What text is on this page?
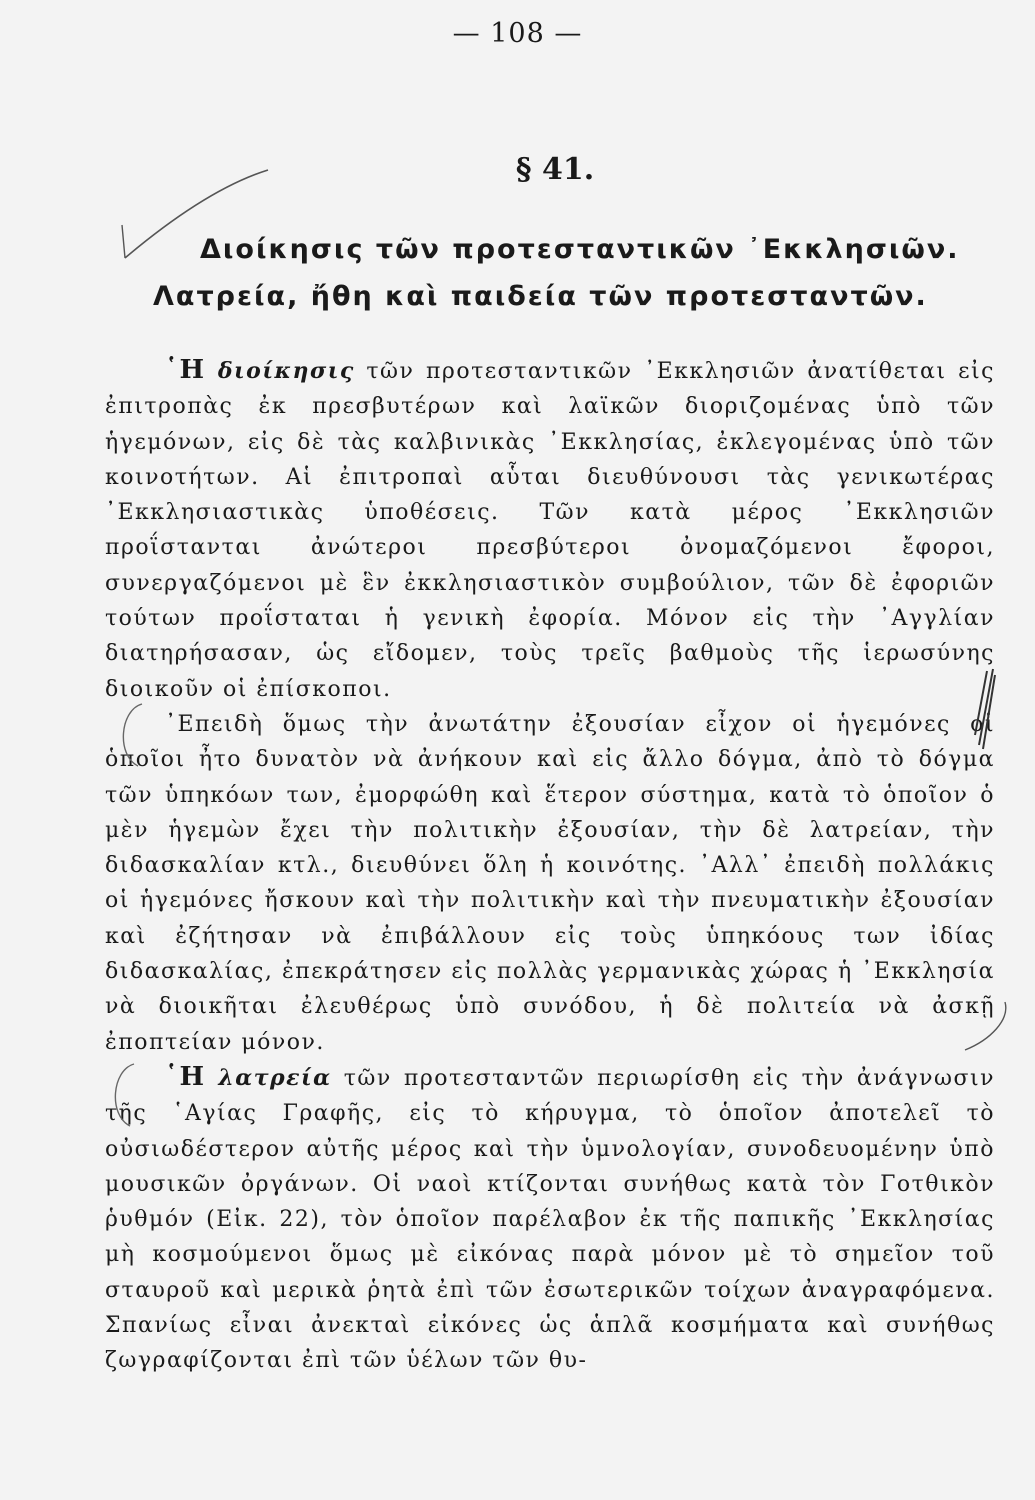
— 108 —
§ 41.
Διοίκησις τῶν προτεσταντικῶν ᾿Εκκλησιῶν.
Λατρεία, ἤθη καὶ παιδεία τῶν προτεσταντῶν.

῾Η διοίκησις τῶν προτεσταντικῶν ᾿Εκκλησιῶν ἀνατίθεται εἰς ἐπιτροπὰς ἐκ πρεσβυτέρων καὶ λαϊκῶν διοριζομένας ὑπὸ τῶν ἡγεμόνων, εἰς δὲ τὰς καλβινικὰς ᾿Εκκλησίας, ἐκλεγομένας ὑπὸ τῶν κοινοτήτων. Αἱ ἐπιτροπαὶ αὗται διευθύνουσι τὰς γενικωτέρας ᾿Εκκλησιαστικὰς ὑποθέσεις. Τῶν κατὰ μέρος ᾿Εκκλησιῶν προΐστανται ἀνώτεροι πρεσβύτεροι ὀνομαζόμενοι ἔφοροι, συνεργαζόμενοι μὲ ἓν ἐκκλησιαστικὸν συμβούλιον, τῶν δὲ ἐφοριῶν τούτων προΐσταται ἡ γενικὴ ἐφορία. Μόνον εἰς τὴν ᾿Αγγλίαν διατηρήσασαν, ὡς εἴδομεν, τοὺς τρεῖς βαθμοὺς τῆς ἱερωσύνης διοικοῦν οἱ ἐπίσκοποι.

᾿Επειδὴ ὅμως τὴν ἀνωτάτην ἐξουσίαν εἶχον οἱ ἡγεμόνες οἱ ὁποῖοι ἦτο δυνατὸν νὰ ἀνήκουν καὶ εἰς ἄλλο δόγμα, ἀπὸ τὸ δόγμα τῶν ὑπηκόων των, ἐμορφώθη καὶ ἕτερον σύστημα, κατὰ τὸ ὁποῖον ὁ μὲν ἡγεμὼν ἔχει τὴν πολιτικὴν ἐξουσίαν, τὴν δὲ λατρείαν, τὴν διδασκαλίαν κτλ., διευθύνει ὅλη ἡ κοινότης. ᾿Αλλ᾿ ἐπειδὴ πολλάκις οἱ ἡγεμόνες ἤσκουν καὶ τὴν πολιτικὴν καὶ τὴν πνευματικὴν ἐξουσίαν καὶ ἐζήτησαν νὰ ἐπιβάλλουν εἰς τοὺς ὑπηκόους των ἰδίας διδασκαλίας, ἐπεκράτησεν εἰς πολλὰς γερμανικὰς χώρας ἡ ᾿Εκκλησία νὰ διοικῆται ἐλευθέρως ὑπὸ συνόδου, ἡ δὲ πολιτεία νὰ ἀσκῇ ἐποπτείαν μόνον.

῾Η λατρεία τῶν προτεσταντῶν περιωρίσθη εἰς τὴν ἀνάγνωσιν τῆς ῾Αγίας Γραφῆς, εἰς τὸ κήρυγμα, τὸ ὁποῖον ἀποτελεῖ τὸ οὐσιωδέστερον αὐτῆς μέρος καὶ τὴν ὑμνολογίαν, συνοδευομένην ὑπὸ μουσικῶν ὀργάνων. Οἱ ναοὶ κτίζονται συνήθως κατὰ τὸν Γοτθικὸν ῥυθμόν (Εἰκ. 22), τὸν ὁποῖον παρέλαβον ἐκ τῆς παπικῆς ᾿Εκκλησίας μὴ κοσμούμενοι ὅμως μὲ εἰκόνας παρὰ μόνον μὲ τὸ σημεῖον τοῦ σταυροῦ καὶ μερικὰ ῥητὰ ἐπὶ τῶν ἐσωτερικῶν τοίχων ἀναγραφόμενα. Σπανίως εἶναι ἀνεκταὶ εἰκόνες ὡς ἁπλᾶ κοσμήματα καὶ συνήθως ζωγραφίζονται ἐπὶ τῶν ὑέλων τῶν θυ-
